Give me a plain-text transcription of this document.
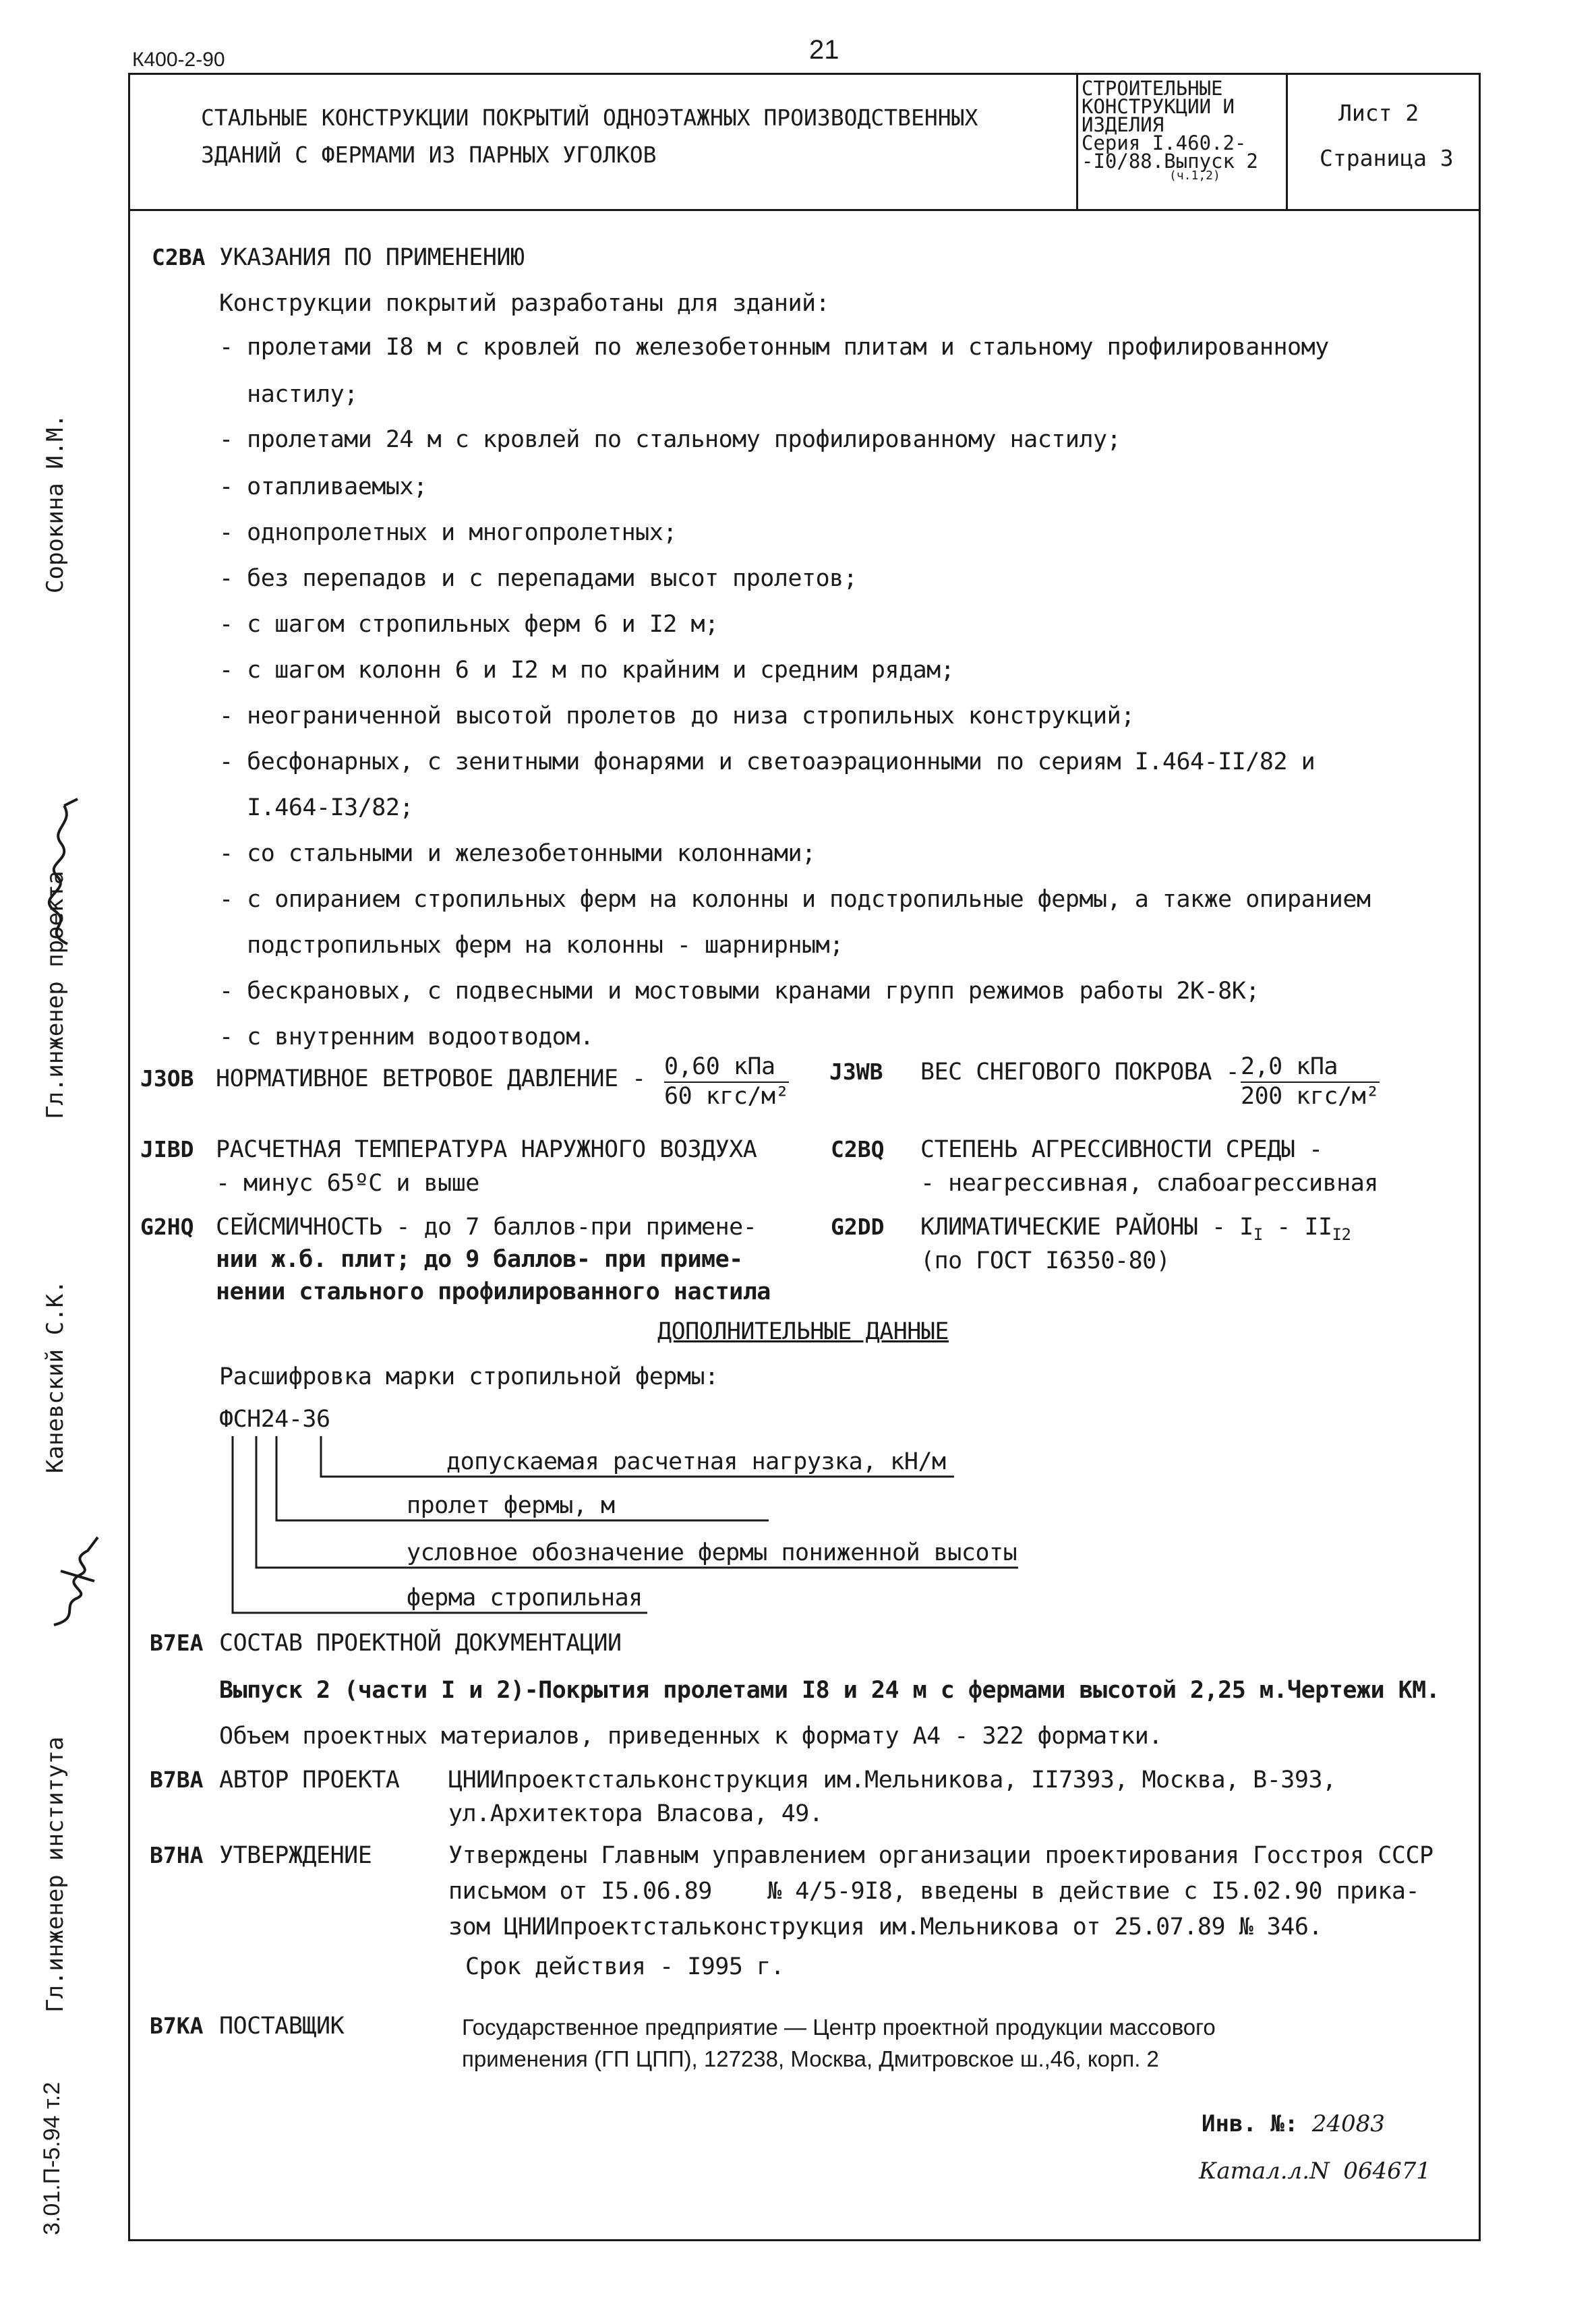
К400-2-90	21
СТАЛЬНЫЕ КОНСТРУКЦИИ ПОКРЫТИЙ ОДНОЭТАЖНЫХ ПРОИЗВОДСТВЕННЫХ
ЗДАНИЙ С ФЕРМАМИ ИЗ ПАРНЫХ УГОЛКОВ
СТРОИТЕЛЬНЫЕ
КОНСТРУКЦИИ И
ИЗДЕЛИЯ
Серия I.460.2-
-I0/88.Выпуск 2
(ч.1,2)
Лист 2
Страница 3
Сорокина И.М.
Гл.инженер проекта
Каневский С.К.
Гл.инженер института
3.01.П-5.94 т.2
С2ВА УКАЗАНИЯ ПО ПРИМЕНЕНИЮ
Конструкции покрытий разработаны для зданий:
- пролетами I8 м с кровлей по железобетонным плитам и стальному профилированному
настилу;
- пролетами 24 м с кровлей по стальному профилированному настилу;
- отапливаемых;
- однопролетных и многопролетных;
- без перепадов и с перепадами высот пролетов;
- с шагом стропильных ферм 6 и I2 м;
- с шагом колонн 6 и I2 м по крайним и средним рядам;
- неограниченной высотой пролетов до низа стропильных конструкций;
- бесфонарных, с зенитными фонарями и светоаэрационными по сериям I.464-II/82 и
I.464-I3/82;
- со стальными и железобетонными колоннами;
- с опиранием стропильных ферм на колонны и подстропильные фермы, а также опиранием
подстропильных ферм на колонны - шарнирным;
- бескрановых, с подвесными и мостовыми кранами групп режимов работы 2К-8К;
- с внутренним водоотводом.
J3OB НОРМАТИВНОЕ ВЕТРОВОЕ ДАВЛЕНИЕ - 0,60 кПа
60 кгс/м²
J3WB ВЕС СНЕГОВОГО ПОКРОВА - 2,0 кПа
200 кгс/м²
JIBD РАСЧЕТНАЯ ТЕМПЕРАТУРА НАРУЖНОГО ВОЗДУХА
- минус 65ºС и выше
С2BQ СТЕПЕНЬ АГРЕССИВНОСТИ СРЕДЫ -
- неагрессивная, слабоагрессивная
G2HQ СЕЙСМИЧНОСТЬ - до 7 баллов-при примене-
нии ж.б. плит; до 9 баллов- при приме-
нении стального профилированного настила
G2DD КЛИМАТИЧЕСКИЕ РАЙОНЫ - $I_I - II_{I2}$
(по ГОСТ I6350-80)
ДОПОЛНИТЕЛЬНЫЕ ДАННЫЕ
Расшифровка марки стропильной фермы:
ФСН24-36
допускаемая расчетная нагрузка, кН/м
пролет фермы, м
условное обозначение фермы пониженной высоты
ферма стропильная
В7ЕА СОСТАВ ПРОЕКТНОЙ ДОКУМЕНТАЦИИ
Выпуск 2 (части I и 2)-Покрытия пролетами I8 и 24 м с фермами высотой 2,25 м.Чертежи КМ.
Объем проектных материалов, приведенных к формату А4 - 322 форматки.
В7ВА АВТОР ПРОЕКТА ЦНИИпроектстальконструкция им.Мельникова, II7393, Москва, В-393,
ул.Архитектора Власова, 49.
В7НА УТВЕРЖДЕНИЕ	Утверждены Главным управлением организации проектирования Госстроя СССР
письмом от I5.06.89    № 4/5-9I8, введены в действие с I5.02.90 прика-
зом ЦНИИпроектстальконструкция им.Мельникова от 25.07.89 № 346.
Срок действия - I995 г.
В7КА ПОСТАВЩИК	Государственное предприятие — Центр проектной продукции массового
применения (ГП ЦПП), 127238, Москва, Дмитровское ш.,46, корп. 2
Инв. №: 24083
Катал.л.N 064671
